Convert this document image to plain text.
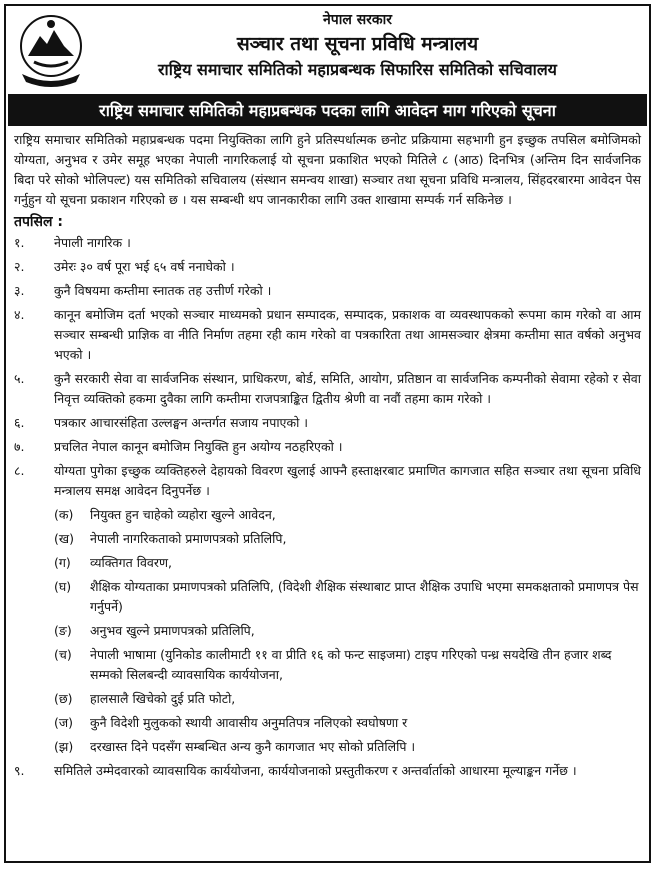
नेपाल सरकार
सञ्चार तथा सूचना प्रविधि मन्त्रालय
राष्ट्रिय समाचार समितिको महाप्रबन्धक सिफारिस समितिको सचिवालय
राष्ट्रिय समाचार समितिको महाप्रबन्धक पदका लागि आवेदन माग गरिएको सूचना
राष्ट्रिय समाचार समितिको महाप्रबन्धक पदमा नियुक्तिका लागि हुने प्रतिस्पर्धात्मक छनोट प्रक्रियामा सहभागी हुन इच्छुक तपसिल बमोजिमको योग्यता, अनुभव र उमेर समूह भएका नेपाली नागरिकलाई यो सूचना प्रकाशित भएको मितिले ८ (आठ) दिनभित्र (अन्तिम दिन सार्वजनिक बिदा परे सोको भोलिपल्ट) यस समितिको सचिवालय (संस्थान समन्वय शाखा) सञ्चार तथा सूचना प्रविधि मन्त्रालय, सिंहदरबारमा आवेदन पेस गर्नुहुन यो सूचना प्रकाशन गरिएको छ । यस सम्बन्धी थप जानकारीका लागि उक्त शाखामा सम्पर्क गर्न सकिनेछ ।
तपसिल :
१.	नेपाली नागरिक ।
२.	उमेरः ३० वर्ष पूरा भई ६५ वर्ष ननाघेको ।
३.	कुनै विषयमा कम्तीमा स्नातक तह उत्तीर्ण गरेको ।
४.	कानून बमोजिम दर्ता भएको सञ्चार माध्यमको प्रधान सम्पादक, सम्पादक, प्रकाशक वा व्यवस्थापकको रूपमा काम गरेको वा आम सञ्चार सम्बन्धी प्राज्ञिक वा नीति निर्माण तहमा रही काम गरेको वा पत्रकारिता तथा आमसञ्चार क्षेत्रमा कम्तीमा सात वर्षको अनुभव भएको ।
५.	कुनै सरकारी सेवा वा सार्वजनिक संस्थान, प्राधिकरण, बोर्ड, समिति, आयोग, प्रतिष्ठान वा सार्वजनिक कम्पनीको सेवामा रहेको र सेवा निवृत्त व्यक्तिको हकमा दुवैका लागि कम्तीमा राजपत्राङ्कित द्वितीय श्रेणी वा नवौं तहमा काम गरेको ।
६.	पत्रकार आचारसंहिता उल्लङ्घन अन्तर्गत सजाय नपाएको ।
७.	प्रचलित नेपाल कानून बमोजिम नियुक्ति हुन अयोग्य नठहरिएको ।
८.	योग्यता पुगेका इच्छुक व्यक्तिहरुले देहायको विवरण खुलाई आफ्नै हस्ताक्षरबाट प्रमाणित कागजात सहित सञ्चार तथा सूचना प्रविधि मन्त्रालय समक्ष आवेदन दिनुपर्नेछ ।
(क)	नियुक्त हुन चाहेको व्यहोरा खुल्ने आवेदन,
(ख)	नेपाली नागरिकताको प्रमाणपत्रको प्रतिलिपि,
(ग)	व्यक्तिगत विवरण,
(घ)	शैक्षिक योग्यताका प्रमाणपत्रको प्रतिलिपि, (विदेशी शैक्षिक संस्थाबाट प्राप्त शैक्षिक उपाधि भएमा समकक्षताको प्रमाणपत्र पेस गर्नुपर्ने)
(ङ)	अनुभव खुल्ने प्रमाणपत्रको प्रतिलिपि,
(च)	नेपाली भाषामा (युनिकोड कालीमाटी ११ वा प्रीति १६ को फन्ट साइजमा) टाइप गरिएको पन्ध्र सयदेखि तीन हजार शब्द सम्मको सिलबन्दी व्यावसायिक कार्ययोजना,
(छ)	हालसालै खिचेको दुई प्रति फोटो,
(ज)	कुनै विदेशी मुलुकको स्थायी आवासीय अनुमतिपत्र नलिएको स्वघोषणा र
(झ)	दरखास्त दिने पदसँग सम्बन्धित अन्य कुनै कागजात भए सोको प्रतिलिपि ।
९.	समितिले उम्मेदवारको व्यावसायिक कार्ययोजना, कार्ययोजनाको प्रस्तुतीकरण र अन्तर्वार्ताको आधारमा मूल्याङ्कन गर्नेछ ।
